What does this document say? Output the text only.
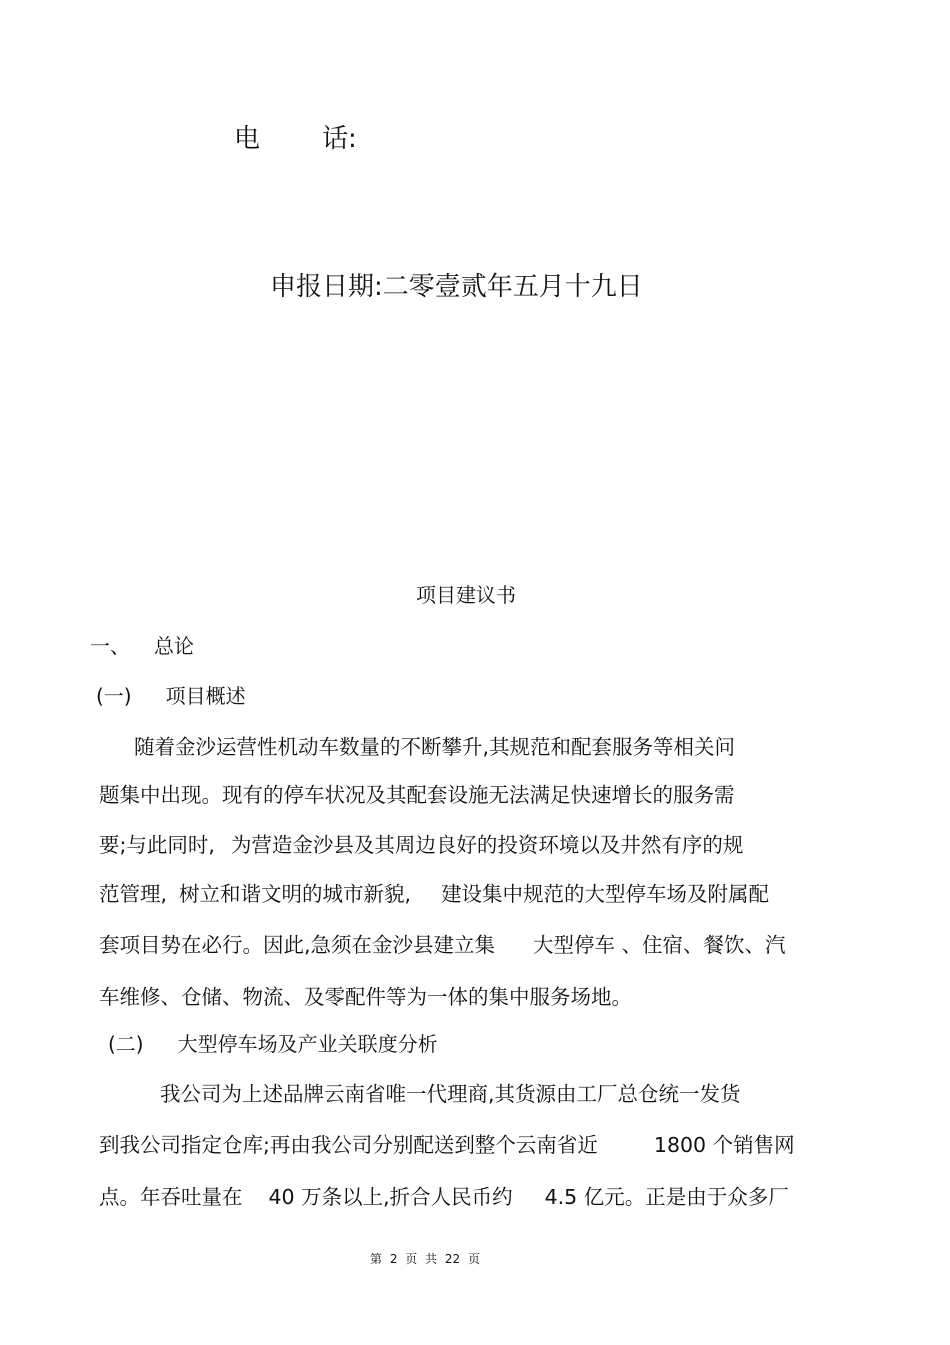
电 话:
申报日期:二零壹贰年五月十九日
项目建议书
一、 总论
(一) 项目概述
随着金沙运营性机动车数量的不断攀升,其规范和配套服务等相关问
题集中出现。现有的停车状况及其配套设施无法满足快速增长的服务需
要;与此同时, 为营造金沙县及其周边良好的投资环境以及井然有序的规
范管理, 树立和谐文明的城市新貌, 建设集中规范的大型停车场及附属配
套项目势在必行。因此,急须在金沙县建立集 大型停车 、住宿、餐饮、汽
车维修、仓储、物流、及零配件等为一体的集中服务场地。
(二) 大型停车场及产业关联度分析
我公司为上述品牌云南省唯一代理商,其货源由工厂总仓统一发货
到我公司指定仓库;再由我公司分别配送到整个云南省近	1800 个销售网
点。年吞吐量在 40 万条以上,折合人民币约 4.5 亿元。正是由于众多厂
第 2 页 共 22 页
